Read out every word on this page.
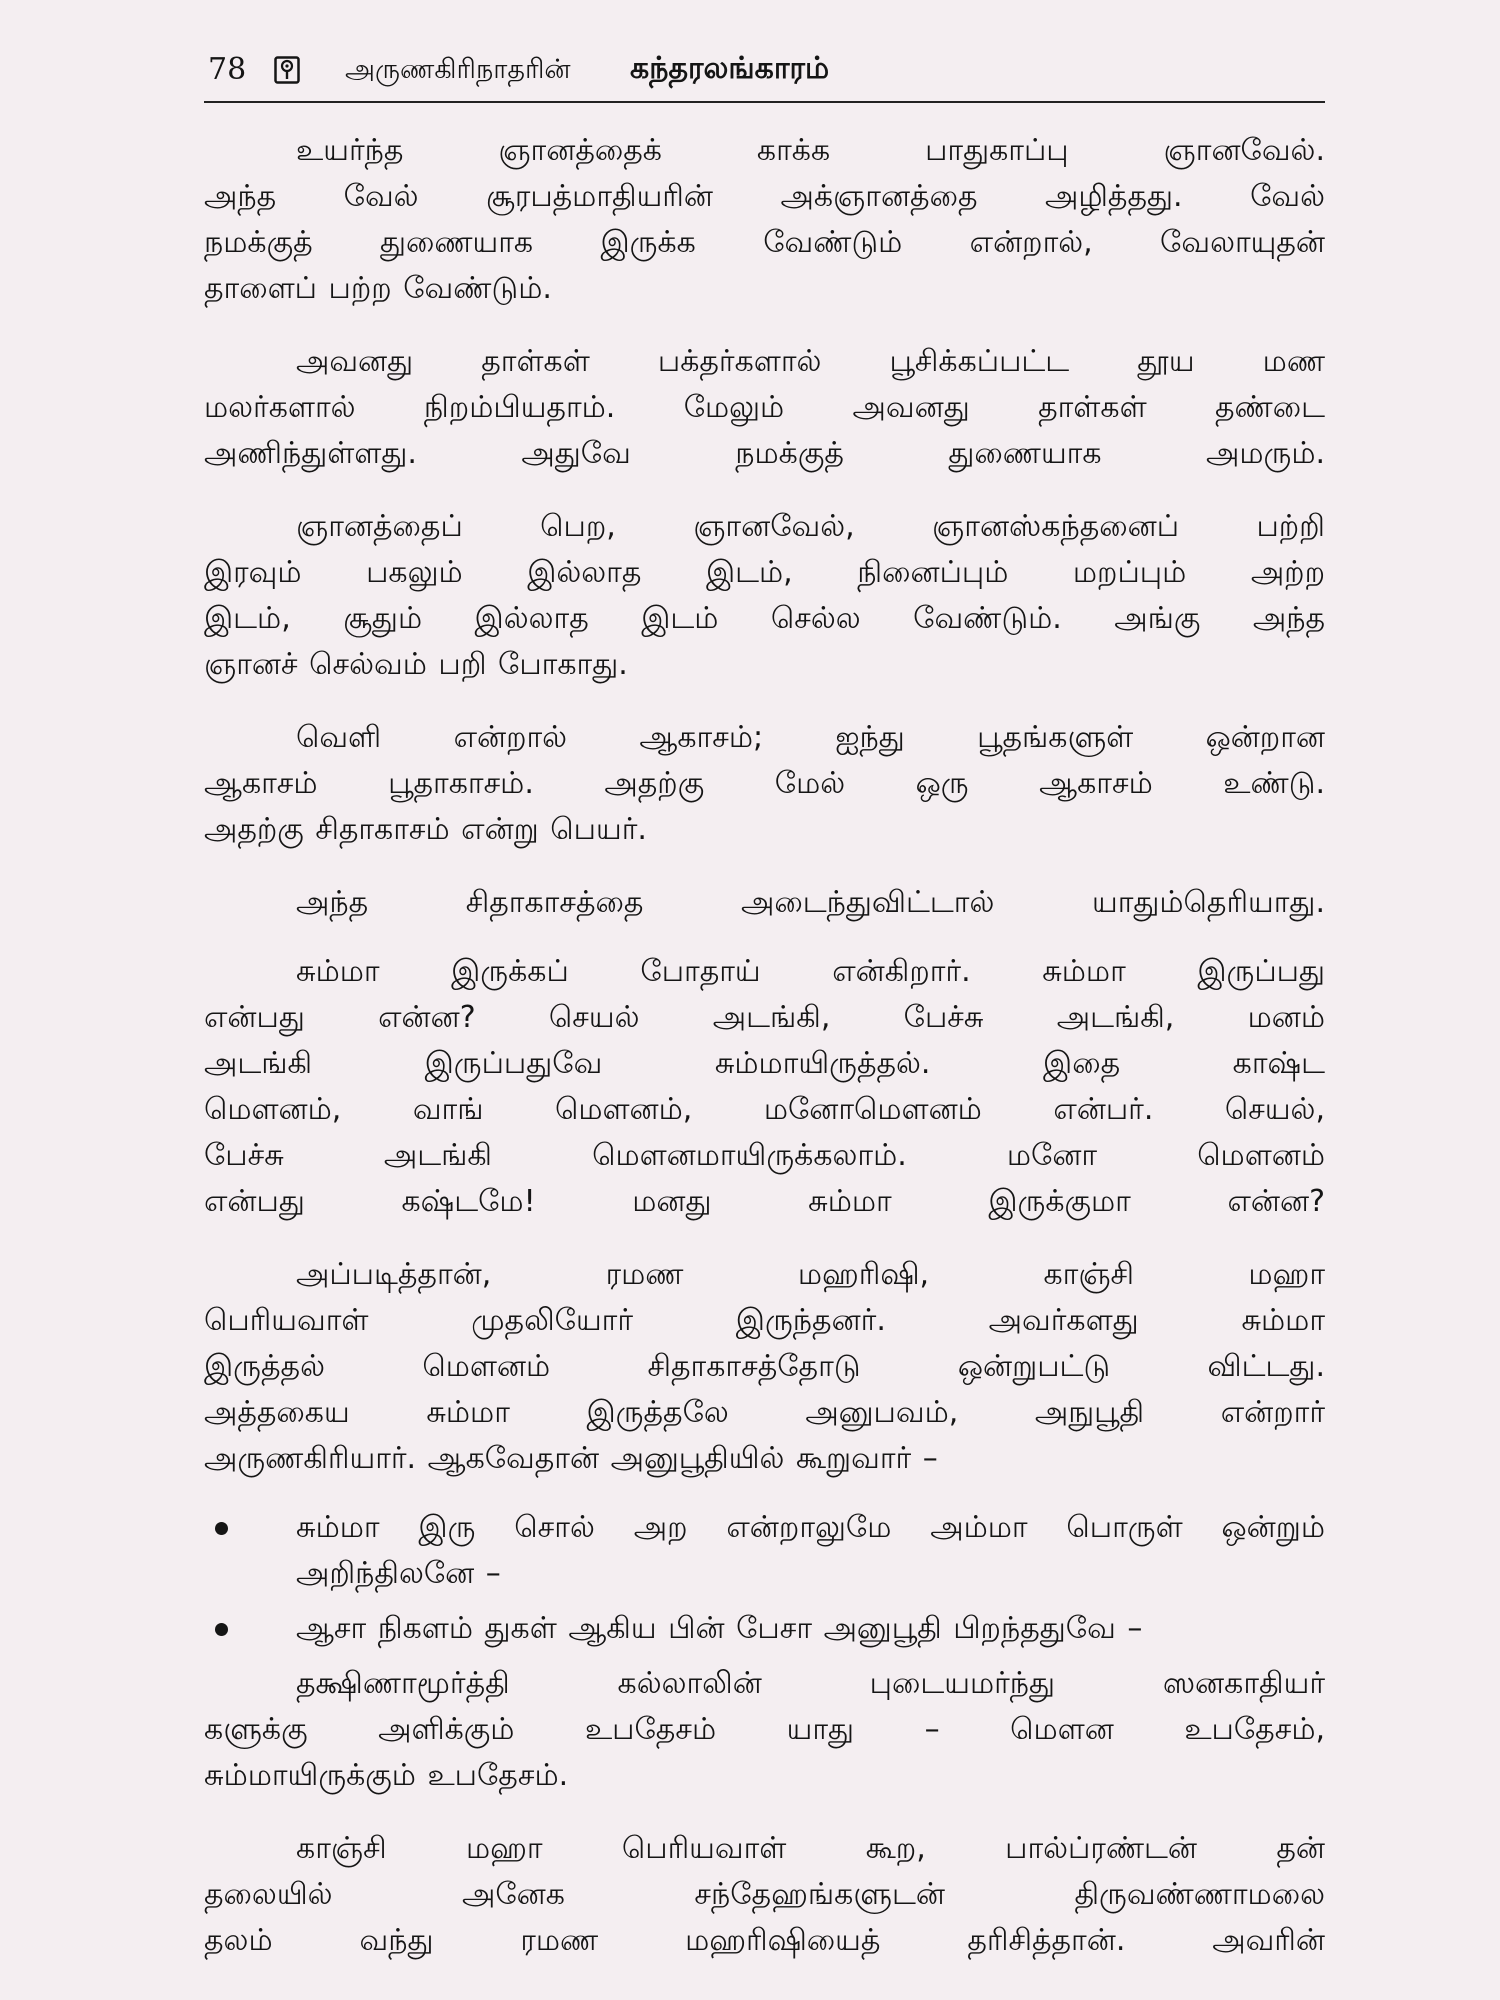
78	அருணகிரிநாதரின் கந்தரலங்காரம்
உயர்ந்த ஞானத்தைக் காக்க பாதுகாப்பு ஞானவேல்.
அந்த வேல் சூரபத்மாதியரின் அக்ஞானத்தை அழித்தது. வேல்
நமக்குத் துணையாக இருக்க வேண்டும் என்றால், வேலாயுதன்
தாளைப் பற்ற வேண்டும்.
அவனது தாள்கள் பக்தர்களால் பூசிக்கப்பட்ட தூய மண
மலர்களால் நிறம்பியதாம். மேலும் அவனது தாள்கள் தண்டை
அணிந்துள்ளது. அதுவே நமக்குத் துணையாக அமரும்.
ஞானத்தைப் பெற, ஞானவேல், ஞானஸ்கந்தனைப் பற்றி
இரவும் பகலும் இல்லாத இடம், நினைப்பும் மறப்பும் அற்ற
இடம், சூதும் இல்லாத இடம் செல்ல வேண்டும். அங்கு அந்த
ஞானச் செல்வம் பறி போகாது.
வெளி என்றால் ஆகாசம்; ஐந்து பூதங்களுள் ஒன்றான
ஆகாசம் பூதாகாசம். அதற்கு மேல் ஒரு ஆகாசம் உண்டு.
அதற்கு சிதாகாசம் என்று பெயர்.
அந்த சிதாகாசத்தை அடைந்துவிட்டால் யாதும்தெரியாது.
சும்மா இருக்கப் போதாய் என்கிறார். சும்மா இருப்பது
என்பது என்ன? செயல் அடங்கி, பேச்சு அடங்கி, மனம்
அடங்கி இருப்பதுவே சும்மாயிருத்தல். இதை காஷ்ட
மௌனம், வாங் மௌனம், மனோமௌனம் என்பர். செயல்,
பேச்சு அடங்கி மௌனமாயிருக்கலாம். மனோ மௌனம்
என்பது கஷ்டமே! மனது சும்மா இருக்குமா என்ன?
அப்படித்தான், ரமண மஹரிஷி, காஞ்சி மஹா
பெரியவாள் முதலியோர் இருந்தனர். அவர்களது சும்மா
இருத்தல் மௌனம் சிதாகாசத்தோடு ஒன்றுபட்டு விட்டது.
அத்தகைய சும்மா இருத்தலே அனுபவம், அநுபூதி என்றார்
அருணகிரியார். ஆகவேதான் அனுபூதியில் கூறுவார் –
சும்மா இரு சொல் அற என்றாலுமே அம்மா பொருள் ஒன்றும்
அறிந்திலனே –
ஆசா நிகளம் துகள் ஆகிய பின் பேசா அனுபூதி பிறந்ததுவே –
தக்ஷிணாமூர்த்தி கல்லாலின் புடையமர்ந்து ஸனகாதியர்
களுக்கு அளிக்கும் உபதேசம் யாது – மௌன உபதேசம்,
சும்மாயிருக்கும் உபதேசம்.
காஞ்சி மஹா பெரியவாள் கூற, பால்ப்ரண்டன் தன்
தலையில் அனேக சந்தேஹங்களுடன் திருவண்ணாமலை
தலம் வந்து ரமண மஹரிஷியைத் தரிசித்தான். அவரின்
